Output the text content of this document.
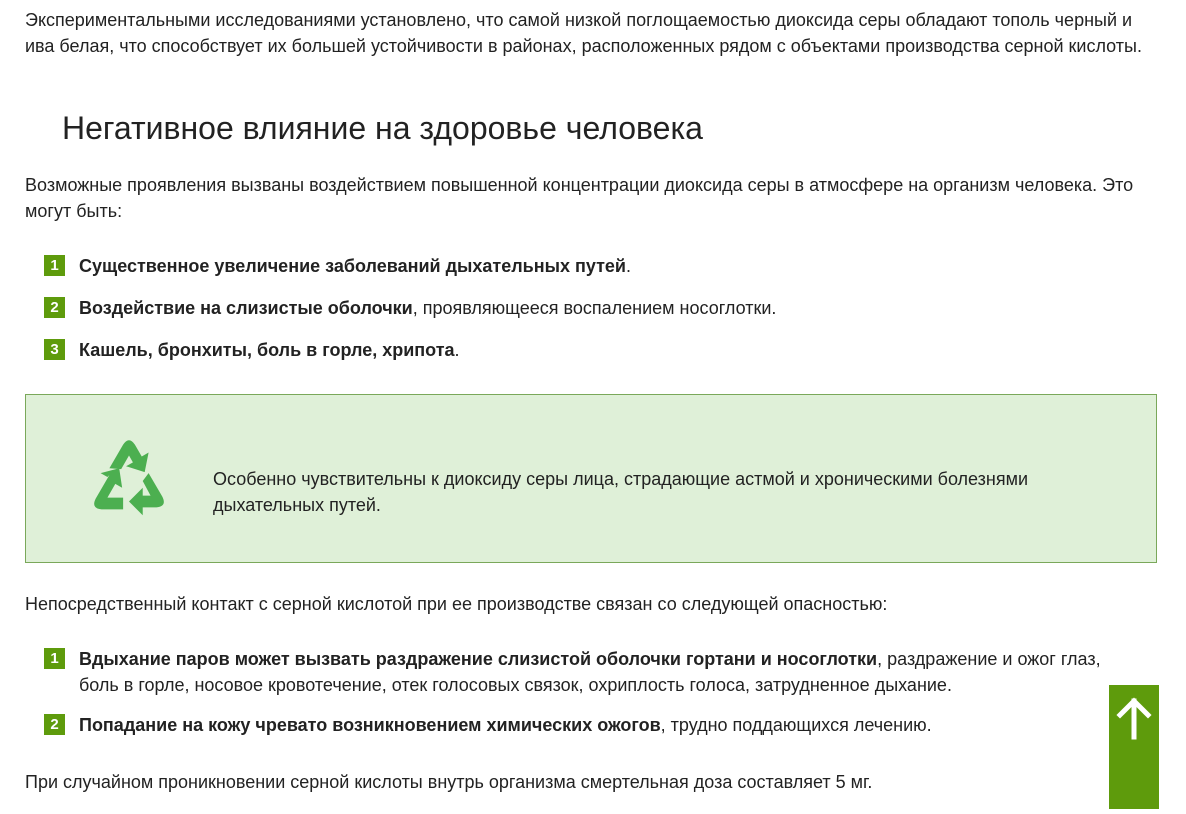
Экспериментальными исследованиями установлено, что самой низкой поглощаемостью диоксида серы обладают тополь черный и ива белая, что способствует их большей устойчивости в районах, расположенных рядом с объектами производства серной кислоты.

Негативное влияние на здоровье человека

Возможные проявления вызваны воздействием повышенной концентрации диоксида серы в атмосфере на организм человека. Это могут быть:

1	Существенное увеличение заболеваний дыхательных путей.
2	Воздействие на слизистые оболочки, проявляющееся воспалением носоглотки.
3	Кашель, бронхиты, боль в горле, хрипота.
Особенно чувствительны к диоксиду серы лица, страдающие астмой и хроническими болезнями дыхательных путей.

Непосредственный контакт с серной кислотой при ее производстве связан со следующей опасностью:

1	Вдыхание паров может вызвать раздражение слизистой оболочки гортани и носоглотки, раздражение и ожог глаз, боль в горле, носовое кровотечение, отек голосовых связок, охриплость голоса, затрудненное дыхание.
2	Попадание на кожу чревато возникновением химических ожогов, трудно поддающихся лечению.

При случайном проникновении серной кислоты внутрь организма смертельная доза составляет 5 мг.
